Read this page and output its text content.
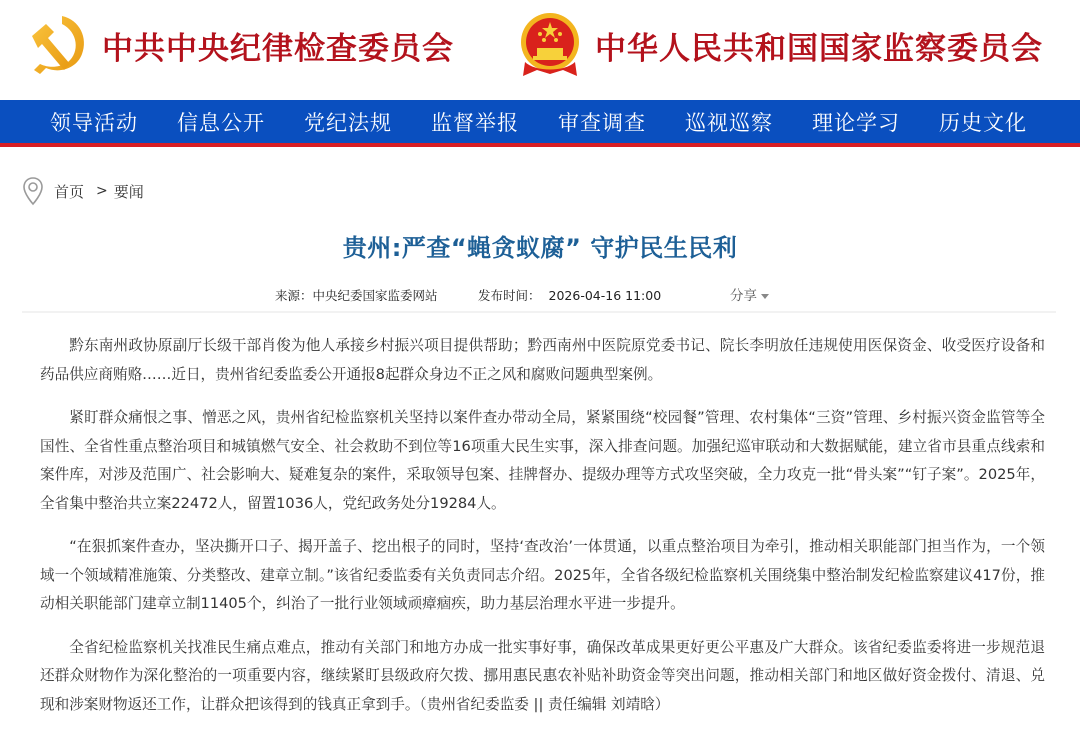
中共中央纪律检查委员会	中华人民共和国国家监察委员会
领导活动	信息公开	党纪法规	监督举报	审查调查	巡视巡察	理论学习	历史文化
首页 > 要闻
贵州:严查“蝇贪蚁腐” 守护民生民利
来源：中央纪委国家监委网站	发布时间： 2026-04-16 11:00	分享

黔东南州政协原副厅长级干部肖俊为他人承接乡村振兴项目提供帮助；黔西南州中医院原党委书记、院长李明放任违规使用医保资金、收受医疗设备和药品供应商贿赂……近日，贵州省纪委监委公开通报8起群众身边不正之风和腐败问题典型案例。

紧盯群众痛恨之事、憎恶之风，贵州省纪检监察机关坚持以案件查办带动全局，紧紧围绕“校园餐”管理、农村集体“三资”管理、乡村振兴资金监管等全国性、全省性重点整治项目和城镇燃气安全、社会救助不到位等16项重大民生实事，深入排查问题。加强纪巡审联动和大数据赋能，建立省市县重点线索和案件库，对涉及范围广、社会影响大、疑难复杂的案件，采取领导包案、挂牌督办、提级办理等方式攻坚突破，全力攻克一批“骨头案”“钉子案”。2025年，全省集中整治共立案22472人，留置1036人，党纪政务处分19284人。

“在狠抓案件查办，坚决撕开口子、揭开盖子、挖出根子的同时，坚持‘查改治’一体贯通，以重点整治项目为牵引，推动相关职能部门担当作为，一个领域一个领域精准施策、分类整改、建章立制。”该省纪委监委有关负责同志介绍。2025年，全省各级纪检监察机关围绕集中整治制发纪检监察建议417份，推动相关职能部门建章立制11405个，纠治了一批行业领域顽瘴痼疾，助力基层治理水平进一步提升。

全省纪检监察机关找准民生痛点难点，推动有关部门和地方办成一批实事好事，确保改革成果更好更公平惠及广大群众。该省纪委监委将进一步规范退还群众财物作为深化整治的一项重要内容，继续紧盯县级政府欠拨、挪用惠民惠农补贴补助资金等突出问题，推动相关部门和地区做好资金拨付、清退、兑现和涉案财物返还工作，让群众把该得到的钱真正拿到手。（贵州省纪委监委 || 责任编辑 刘靖晗）
